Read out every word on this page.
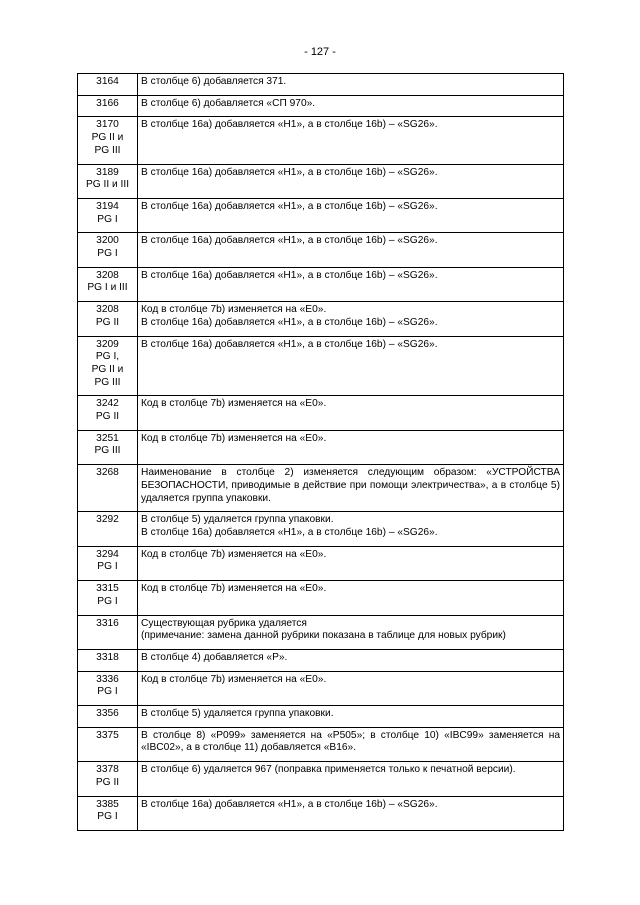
- 127 -
3164	В столбце 6) добавляется 371.

3166	В столбце 6) добавляется «СП 970».

3170
PG II и
PG III	В столбце 16a) добавляется «H1», а в столбце 16b) – «SG26».

3189
PG II и III	В столбце 16a) добавляется «H1», а в столбце 16b) – «SG26».

3194
PG I	В столбце 16a) добавляется «H1», а в столбце 16b) – «SG26».

3200
PG I	В столбце 16a) добавляется «H1», а в столбце 16b) – «SG26».

3208
PG I и III	В столбце 16a) добавляется «H1», а в столбце 16b) – «SG26».

3208
PG II	Код в столбце 7b) изменяется на «E0».
В столбце 16a) добавляется «H1», а в столбце 16b) – «SG26».

3209
PG I,
PG II и
PG III	В столбце 16a) добавляется «H1», а в столбце 16b) – «SG26».

3242
PG II	Код в столбце 7b) изменяется на «E0».

3251
PG III	Код в столбце 7b) изменяется на «E0».

3268	Наименование в столбце 2) изменяется следующим образом: «УСТРОЙСТВА БЕЗОПАСНОСТИ, приводимые в действие при помощи электричества», а в столбце 5) удаляется группа упаковки.

3292	В столбце 5) удаляется группа упаковки.
В столбце 16a) добавляется «H1», а в столбце 16b) – «SG26».

3294
PG I	Код в столбце 7b) изменяется на «E0».

3315
PG I	Код в столбце 7b) изменяется на «E0».

3316	Существующая рубрика удаляется
(примечание: замена данной рубрики показана в таблице для новых рубрик)

3318	В столбце 4) добавляется «P».

3336
PG I	Код в столбце 7b) изменяется на «E0».

3356	В столбце 5) удаляется группа упаковки.

3375	В столбце 8) «P099» заменяется на «P505»; в столбце 10) «IBC99» заменяется на «IBC02», а в столбце 11) добавляется «B16».

3378
PG II	В столбце 6) удаляется 967 (поправка применяется только к печатной версии).

3385
PG I	В столбце 16a) добавляется «H1», а в столбце 16b) – «SG26».
